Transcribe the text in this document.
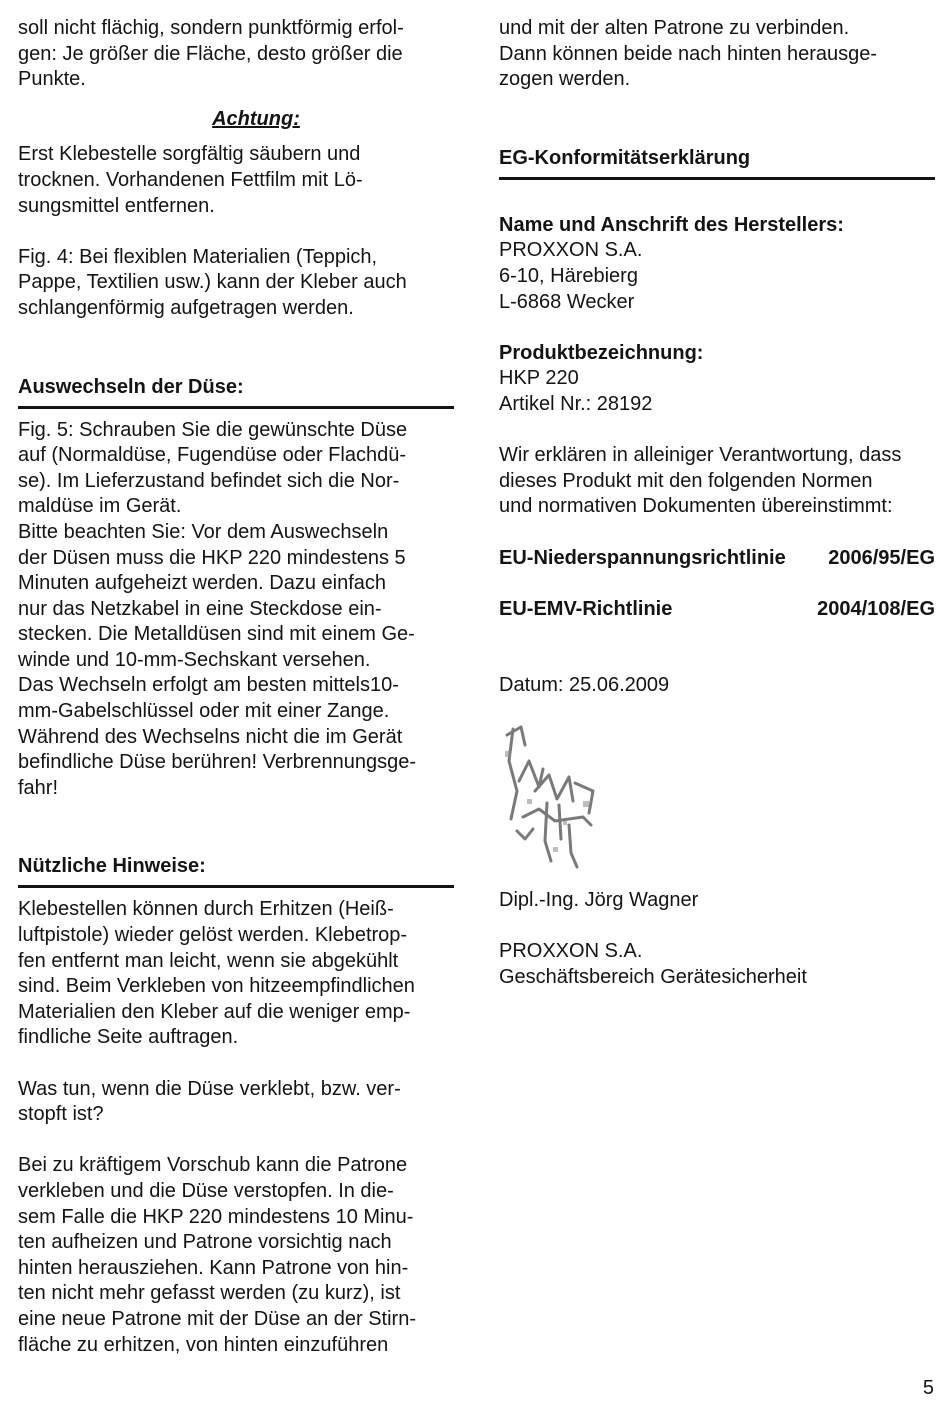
soll nicht flächig, sondern punktförmig erfol-
gen: Je größer die Fläche, desto größer die
Punkte.

Achtung:

Erst Klebestelle sorgfältig säubern und
trocknen. Vorhandenen Fettfilm mit Lö-
sungsmittel entfernen.

Fig. 4: Bei flexiblen Materialien (Teppich,
Pappe, Textilien usw.) kann der Kleber auch
schlangenförmig aufgetragen werden.

Auswechseln der Düse:

Fig. 5: Schrauben Sie die gewünschte Düse
auf (Normaldüse, Fugendüse oder Flachdü-
se). Im Lieferzustand befindet sich die Nor-
maldüse im Gerät.
Bitte beachten Sie: Vor dem Auswechseln
der Düsen muss die HKP 220 mindestens 5
Minuten aufgeheizt werden. Dazu einfach
nur das Netzkabel in eine Steckdose ein-
stecken. Die Metalldüsen sind mit einem Ge-
winde und 10-mm-Sechskant versehen.
Das Wechseln erfolgt am besten mittels10-
mm-Gabelschlüssel oder mit einer Zange.
Während des Wechselns nicht die im Gerät
befindliche Düse berühren! Verbrennungsge-
fahr!

Nützliche Hinweise:

Klebestellen können durch Erhitzen (Heiß-
luftpistole) wieder gelöst werden. Klebetrop-
fen entfernt man leicht, wenn sie abgekühlt
sind. Beim Verkleben von hitzeempfindlichen
Materialien den Kleber auf die weniger emp-
findliche Seite auftragen.

Was tun, wenn die Düse verklebt, bzw. ver-
stopft ist?

Bei zu kräftigem Vorschub kann die Patrone
verkleben und die Düse verstopfen. In die-
sem Falle die HKP 220 mindestens 10 Minu-
ten aufheizen und Patrone vorsichtig nach
hinten herausziehen. Kann Patrone von hin-
ten nicht mehr gefasst werden (zu kurz), ist
eine neue Patrone mit der Düse an der Stirn-
fläche zu erhitzen, von hinten einzuführen

und mit der alten Patrone zu verbinden.
Dann können beide nach hinten herausge-
zogen werden.

EG-Konformitätserklärung

Name und Anschrift des Herstellers:
PROXXON S.A.
6-10, Härebierg
L-6868 Wecker

Produktbezeichnung:
HKP 220
Artikel Nr.: 28192

Wir erklären in alleiniger Verantwortung, dass
dieses Produkt mit den folgenden Normen
und normativen Dokumenten übereinstimmt:

EU-Niederspannungsrichtlinie 2006/95/EG
EU-EMV-Richtlinie	2004/108/EG

Datum: 25.06.2009

Dipl.-Ing. Jörg Wagner

PROXXON S.A.
Geschäftsbereich Gerätesicherheit

5
